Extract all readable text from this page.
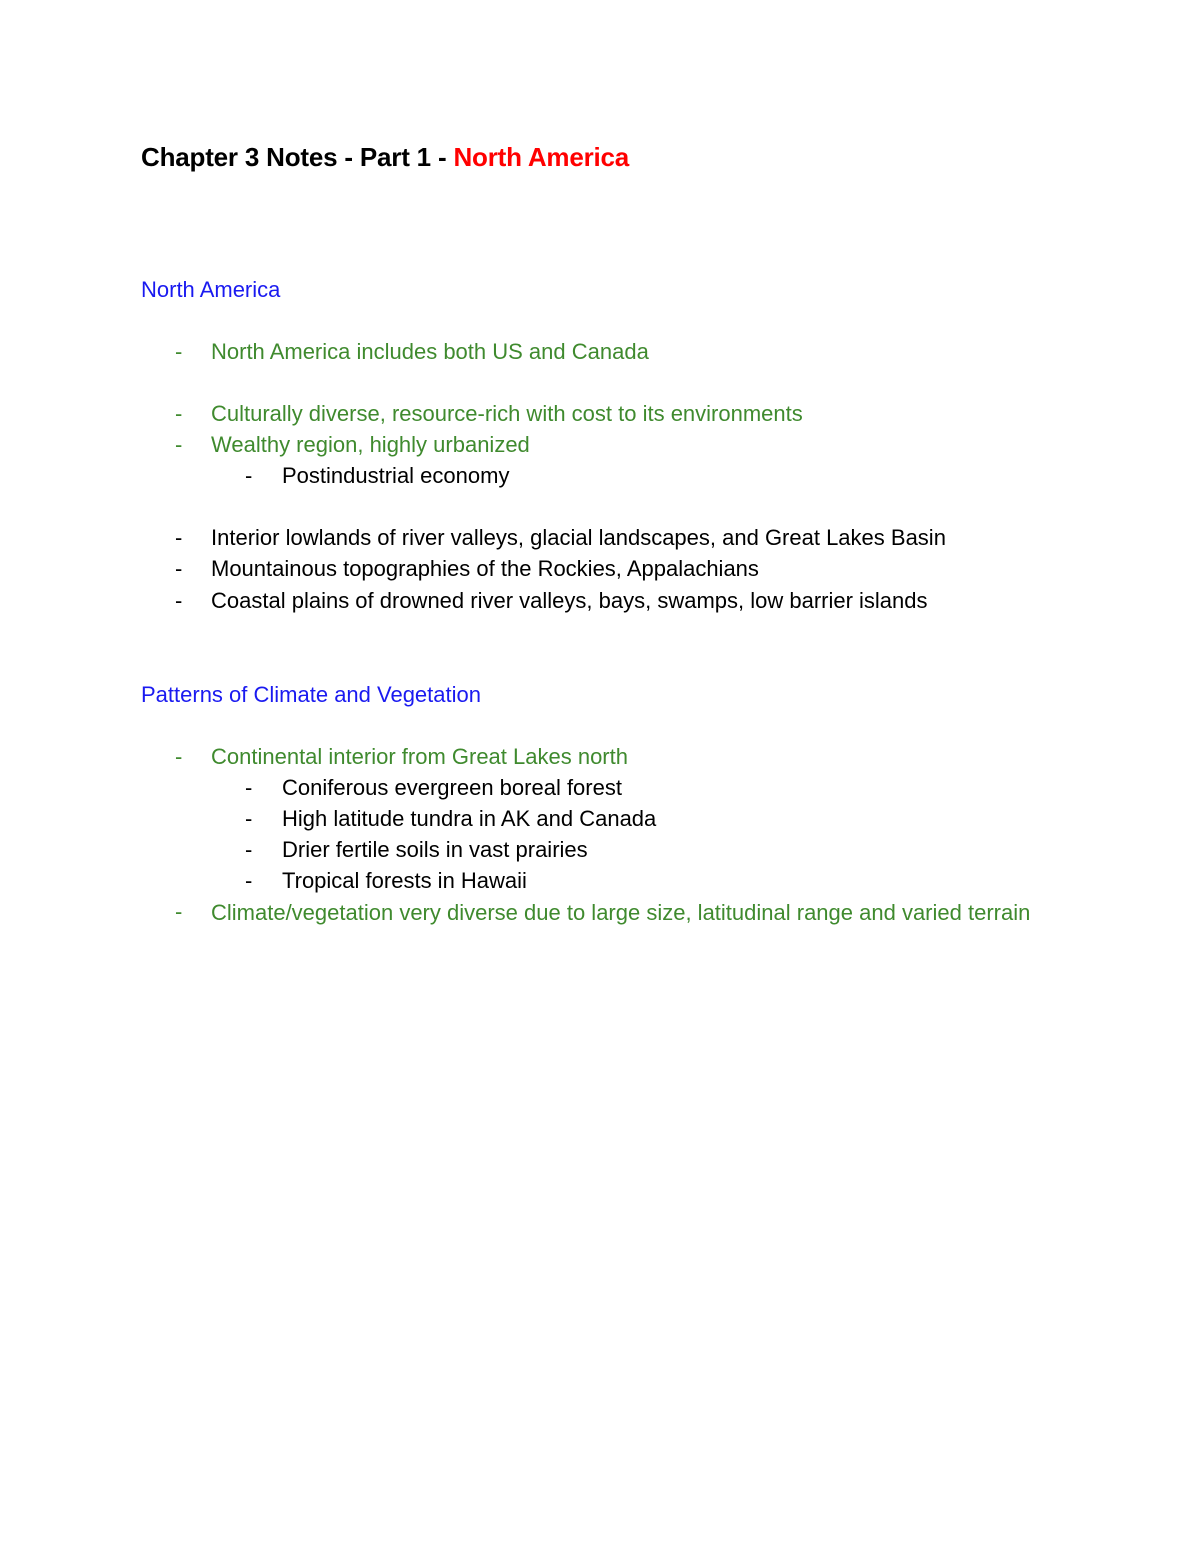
Chapter 3 Notes - Part 1 - North America
North America
- North America includes both US and Canada
- Culturally diverse, resource-rich with cost to its environments
- Wealthy region, highly urbanized
- Postindustrial economy
- Interior lowlands of river valleys, glacial landscapes, and Great Lakes Basin
- Mountainous topographies of the Rockies, Appalachians
- Coastal plains of drowned river valleys, bays, swamps, low barrier islands
Patterns of Climate and Vegetation
- Continental interior from Great Lakes north
- Coniferous evergreen boreal forest
- High latitude tundra in AK and Canada
- Drier fertile soils in vast prairies
- Tropical forests in Hawaii
- Climate/vegetation very diverse due to large size, latitudinal range and varied terrain
